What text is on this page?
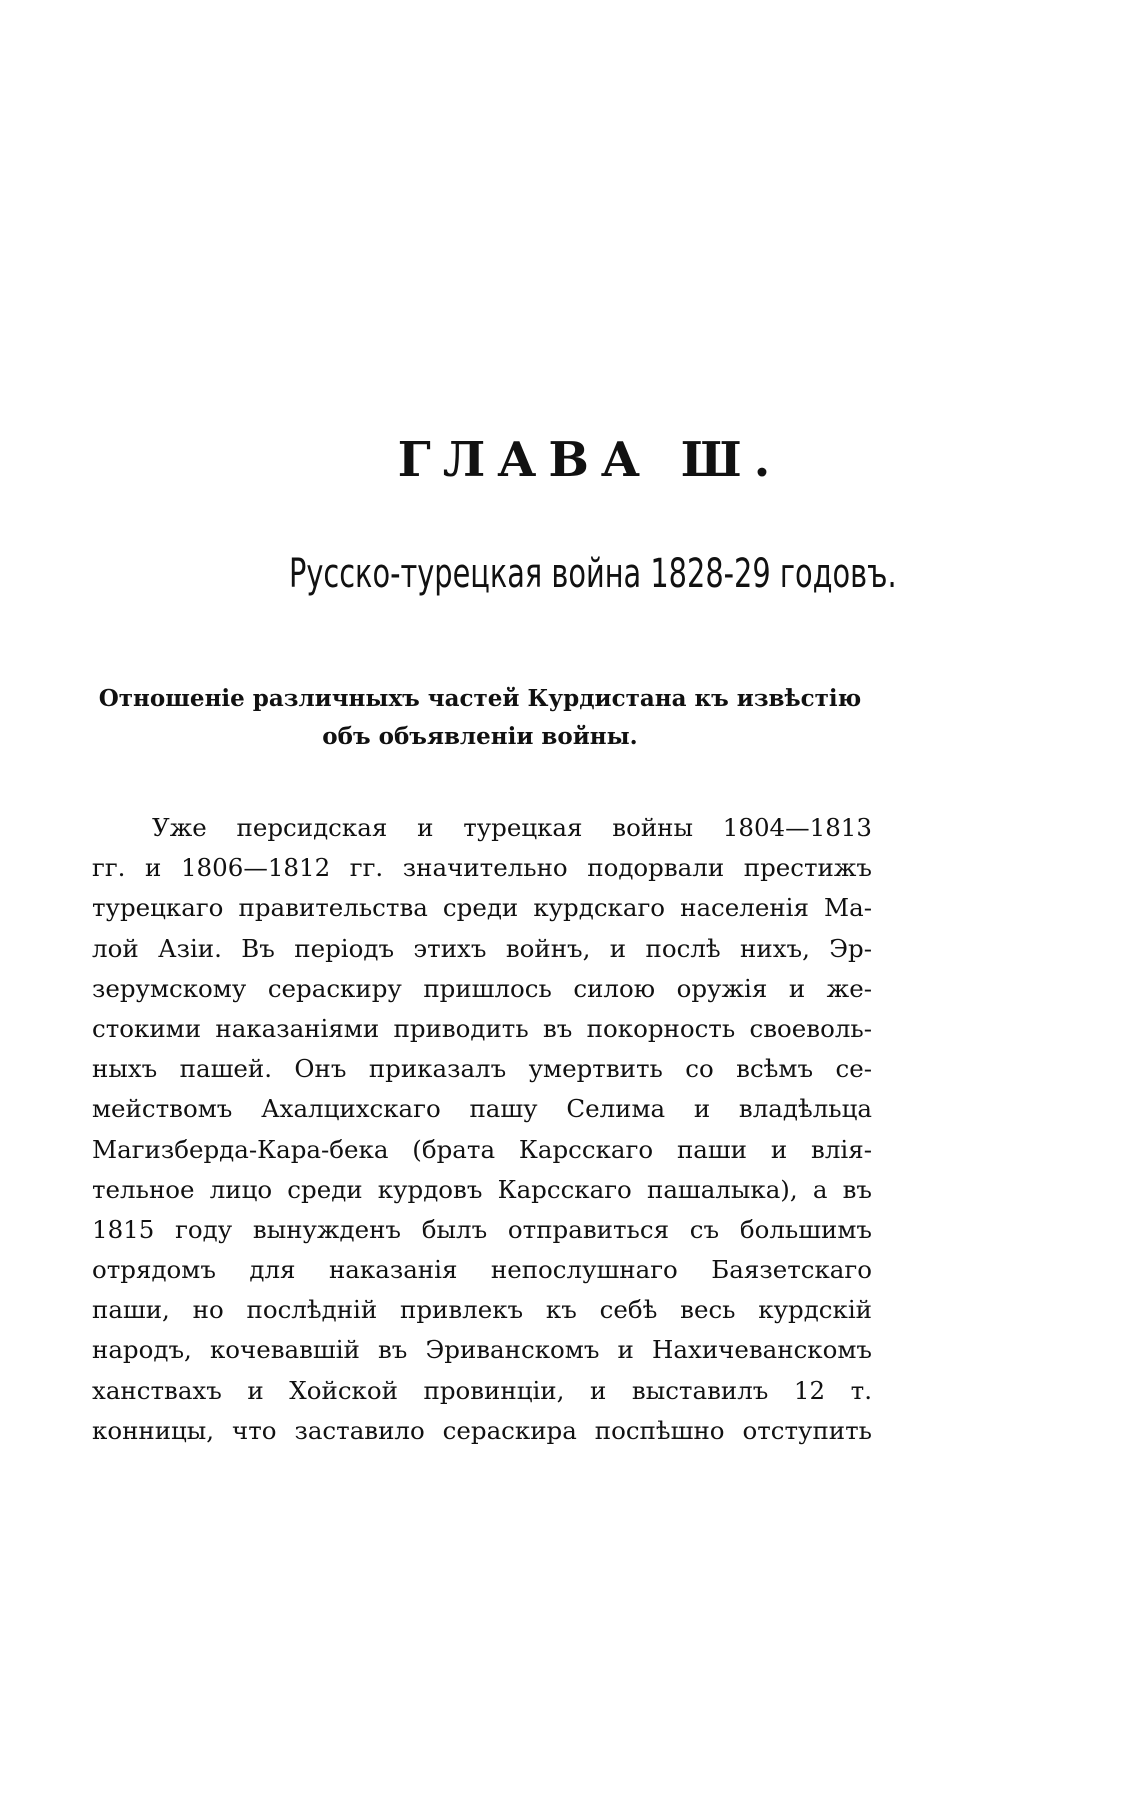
ГЛАВА Ш.
Русско-турецкая война 1828-29 годовъ.
Отношеніе различныхъ частей Курдистана къ извѣстію
объ объявленіи войны.
Уже персидская и турецкая войны 1804—1813
гг. и 1806—1812 гг. значительно подорвали престижъ
турецкаго правительства среди курдскаго населенія Ма-
лой Азіи. Въ періодъ этихъ войнъ, и послѣ нихъ, Эр-
зерумскому сераскиру пришлось силою оружія и же-
стокими наказаніями приводить въ покорность своеволь-
ныхъ пашей. Онъ приказалъ умертвить со всѣмъ се-
мействомъ Ахалцихскаго пашу Селима и владѣльца
Магизберда-Кара-бека (брата Карсскаго паши и влія-
тельное лицо среди курдовъ Карсскаго пашалыка), а въ
1815 году вынужденъ былъ отправиться съ большимъ
отрядомъ для наказанія непослушнаго Баязетскаго
паши, но послѣдній привлекъ къ себѣ весь курдскій
народъ, кочевавшій въ Эриванскомъ и Нахичеванскомъ
ханствахъ и Хойской провинціи, и выставилъ 12 т.
конницы, что заставило сераскира поспѣшно отступить
